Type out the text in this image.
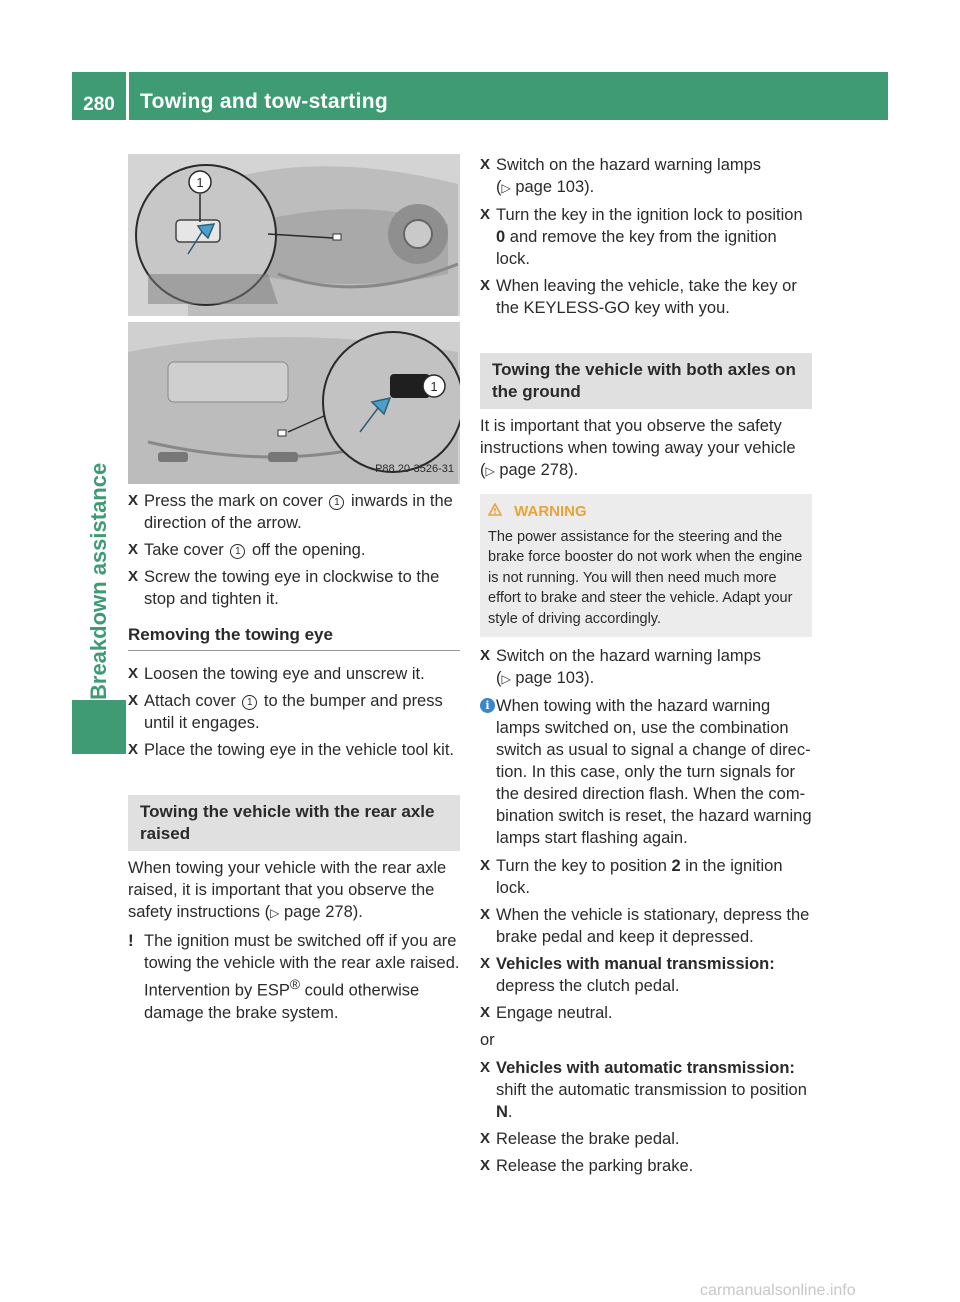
280	Towing and tow-starting
Breakdown assistance
1
1
P88.20-3526-31
X Press the mark on cover 1 inwards in the direction of the arrow.
X Take cover 1 off the opening.
X Screw the towing eye in clockwise to the stop and tighten it.
Removing the towing eye
X Loosen the towing eye and unscrew it.
X Attach cover 1 to the bumper and press until it engages.
X Place the towing eye in the vehicle tool kit.
Towing the vehicle with the rear axle raised
When towing your vehicle with the rear axle raised, it is important that you observe the safety instructions (▷ page 278).
! The ignition must be switched off if you are towing the vehicle with the rear axle raised. Intervention by ESP® could otherwise damage the brake system.
X Switch on the hazard warning lamps
(▷ page 103).
X Turn the key in the ignition lock to position 0 and remove the key from the ignition lock.
X When leaving the vehicle, take the key or the KEYLESS-GO key with you.
Towing the vehicle with both axles on the ground
It is important that you observe the safety instructions when towing away your vehicle (▷ page 278).
WARNING
The power assistance for the steering and the brake force booster do not work when the engine is not running. You will then need much more effort to brake and steer the vehicle. Adapt your style of driving accordingly.
X Switch on the hazard warning lamps
(▷ page 103).
i When towing with the hazard warning lamps switched on, use the combination switch as usual to signal a change of direction. In this case, only the turn signals for the desired direction flash. When the combination switch is reset, the hazard warning lamps start flashing again.
X Turn the key to position 2 in the ignition lock.
X When the vehicle is stationary, depress the brake pedal and keep it depressed.
X Vehicles with manual transmission:
depress the clutch pedal.
X Engage neutral.
or
X Vehicles with automatic transmission:
shift the automatic transmission to position N.
X Release the brake pedal.
X Release the parking brake.
carmanualsonline.info
